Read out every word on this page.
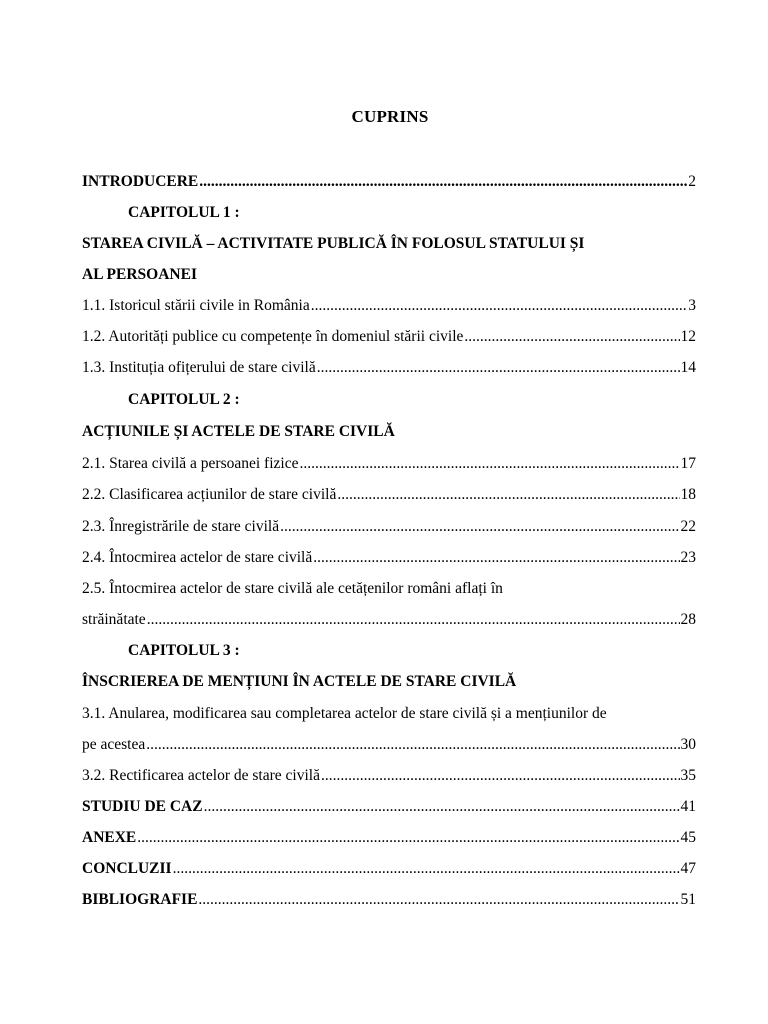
CUPRINS
INTRODUCERE .....	2
CAPITOLUL 1 :
STAREA CIVILĂ – ACTIVITATE PUBLICĂ ÎN FOLOSUL STATULUI ȘI
AL PERSOANEI
1.1. Istoricul stării civile in România .....	3
1.2. Autorități publice cu competențe în domeniul stării civile .....	12
1.3. Instituția ofițerului de stare civilă .....	14
CAPITOLUL 2 :
ACȚIUNILE ȘI ACTELE DE STARE CIVILĂ
2.1. Starea civilă a persoanei fizice .....	17
2.2. Clasificarea acțiunilor de stare civilă .....	18
2.3. Înregistrările de stare civilă .....	22
2.4. Întocmirea actelor de stare civilă .....	23
2.5. Întocmirea actelor de stare civilă ale cetățenilor români aflați în
străinătate .....	28
CAPITOLUL 3 :
ÎNSCRIEREA DE MENȚIUNI ÎN ACTELE DE STARE CIVILĂ
3.1. Anularea, modificarea sau completarea actelor de stare civilă și a mențiunilor de
pe acestea .....	30
3.2. Rectificarea actelor de stare civilă .....	35
STUDIU DE CAZ .....	41
ANEXE .....	45
CONCLUZII .....	47
BIBLIOGRAFIE .....	51
